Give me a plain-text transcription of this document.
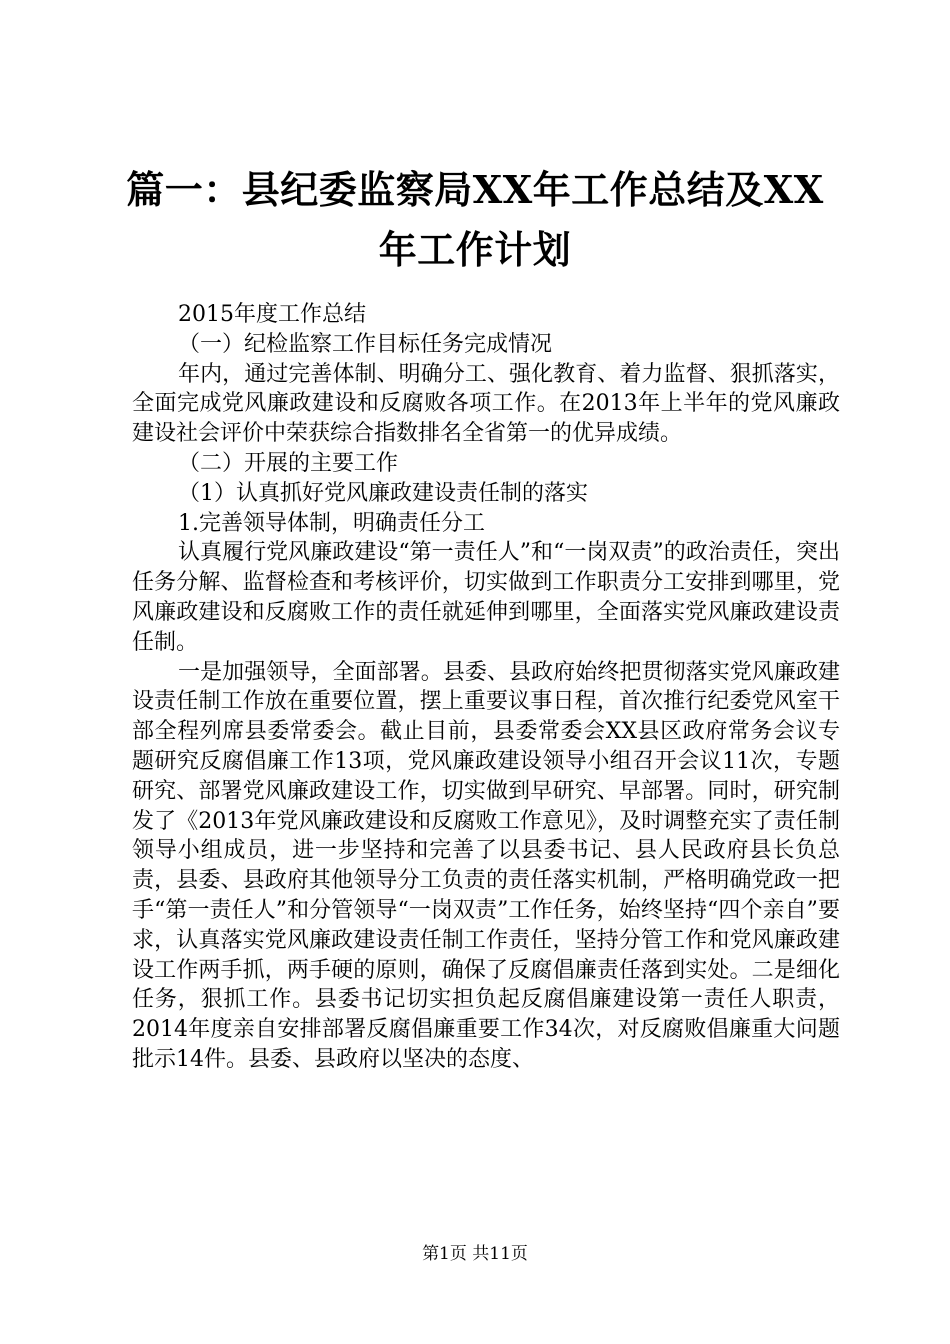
篇一：县纪委监察局XX年工作总结及XX年工作计划

2015年度工作总结

（一）纪检监察工作目标任务完成情况

年内，通过完善体制、明确分工、强化教育、着力监督、狠抓落实，全面完成党风廉政建设和反腐败各项工作。在2013年上半年的党风廉政建设社会评价中荣获综合指数排名全省第一的优异成绩。

（二）开展的主要工作

（1）认真抓好党风廉政建设责任制的落实

1.完善领导体制，明确责任分工

认真履行党风廉政建设“第一责任人”和“一岗双责”的政治责任，突出任务分解、监督检查和考核评价，切实做到工作职责分工安排到哪里，党风廉政建设和反腐败工作的责任就延伸到哪里，全面落实党风廉政建设责任制。

一是加强领导，全面部署。县委、县政府始终把贯彻落实党风廉政建设责任制工作放在重要位置，摆上重要议事日程，首次推行纪委党风室干部全程列席县委常委会。截止目前，县委常委会XX县区政府常务会议专题研究反腐倡廉工作13项，党风廉政建设领导小组召开会议11次，专题研究、部署党风廉政建设工作，切实做到早研究、早部署。同时，研究制发了《2013年党风廉政建设和反腐败工作意见》，及时调整充实了责任制领导小组成员，进一步坚持和完善了以县委书记、县人民政府县长负总责，县委、县政府其他领导分工负责的责任落实机制，严格明确党政一把手“第一责任人”和分管领导“一岗双责”工作任务，始终坚持“四个亲自”要求，认真落实党风廉政建设责任制工作责任，坚持分管工作和党风廉政建设工作两手抓，两手硬的原则，确保了反腐倡廉责任落到实处。二是细化任务，狠抓工作。县委书记切实担负起反腐倡廉建设第一责任人职责，2014年度亲自安排部署反腐倡廉重要工作34次，对反腐败倡廉重大问题批示14件。县委、县政府以坚决的态度、

第1页 共11页
